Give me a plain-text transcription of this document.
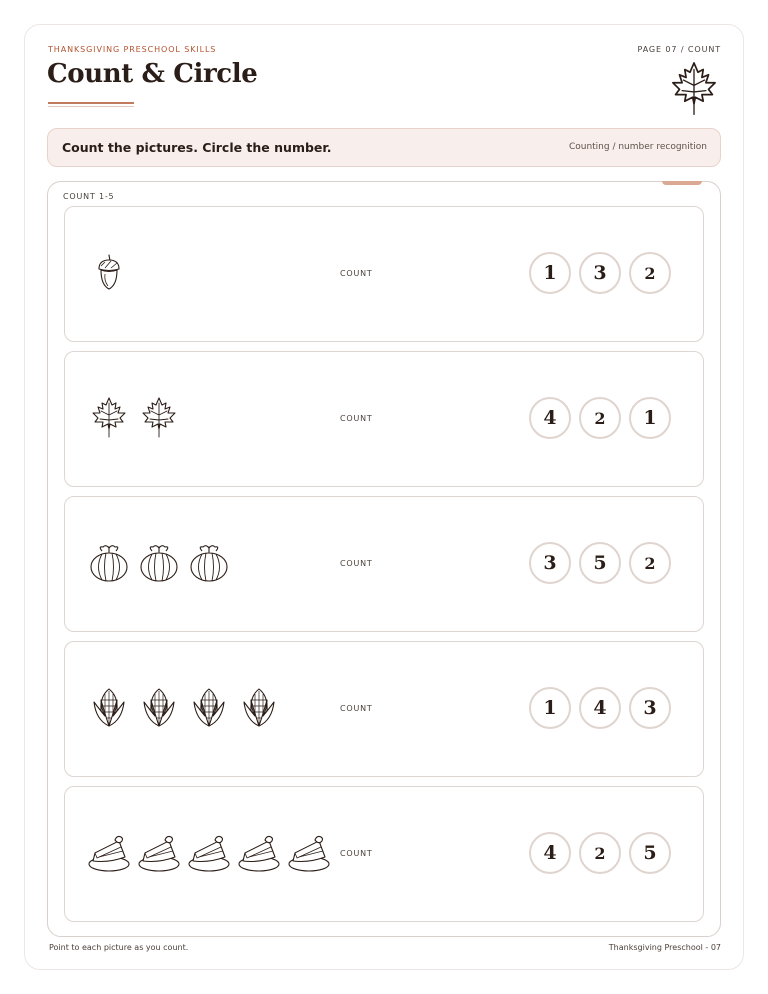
THANKSGIVING PRESCHOOL SKILLS	PAGE 07 / COUNT
Count & Circle
Count the pictures. Circle the number.	Counting / number recognition
COUNT 1-5
COUNT	1	3	2
COUNT	4	2	1
COUNT	3	5	2
COUNT	1	4	3
COUNT	4	2	5
Point to each picture as you count.	Thanksgiving Preschool - 07
